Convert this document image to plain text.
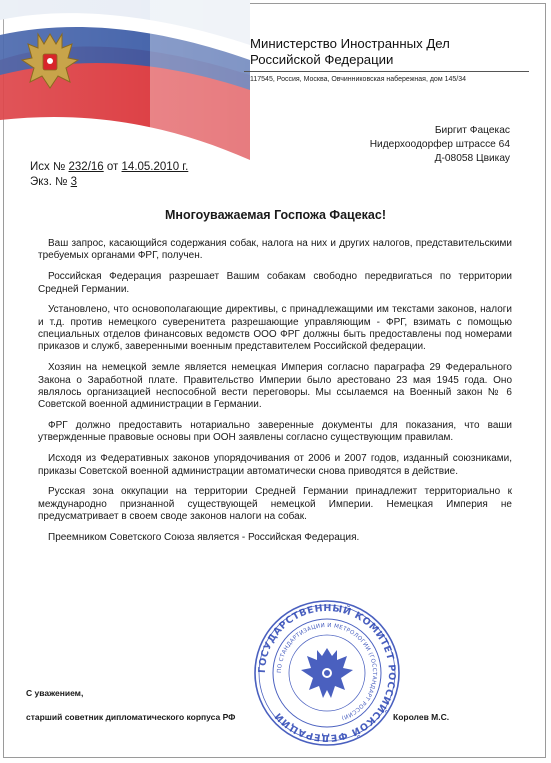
Министерство Иностранных Дел
Российской Федерации
117545, Россия, Москва, Овчинниковская набережная, дом 145/34
Биргит Фацекас
Нидерхоодорфер штрассе 64
Д-08058 Цвикау
Исх № 232/16 от 14.05.2010 г.
Экз. № 3
Многоуважаемая Госпожа Фацекас!

Ваш запрос, касающийся содержания собак, налога на них и других налогов, представительскими требуемых органами ФРГ, получен.

Российская Федерация разрешает Вашим собакам свободно передвигаться по территории Средней Германии.

Установлено, что основополагающие директивы, с принадлежащими им текстами законов, налоги и т.д. против немецкого суверенитета разрешающие управляющим - ФРГ, взимать с помощью специальных отделов финансовых ведомств ООО ФРГ должны быть предоставлены под номерами приказов и служб, заверенными военным представителем Российской федерации.

Хозяин на немецкой земле является немецкая Империя согласно параграфа 29 Федерального Закона о Заработной плате. Правительство Империи было арестовано 23 мая 1945 года. Оно являлось организацией неспособной вести переговоры. Мы ссылаемся на Военный закон № 6 Советской военной администрации в Германии.

ФРГ должно предоставить нотариально заверенные документы для показания, что ваши утвержденные правовые основы при ООН заявлены согласно существующим правилам.

Исходя из Федеративных законов упорядочивания от 2006 и 2007 годов, изданный союзниками, приказы Советской военной администрации автоматически снова приводятся в действие.

Русская зона оккупации на территории Средней Германии принадлежит территориально к международно признанной существующей немецкой Империи. Немецкая Империя не предусматривает в своем своде законов налоги на собак.

Преемником Советского Союза является - Российская Федерация.

ГОСУДАРСТВЕННЫЙ КОМИТЕТ РОССИЙСКОЙ ФЕДЕРАЦИИ
ПО СТАНДАРТИЗАЦИИ И МЕТРОЛОГИИ (ГОССТАНДАРТ РОССИИ)
С уважением,
старший советник дипломатического корпуса РФ	Королев М.С.
